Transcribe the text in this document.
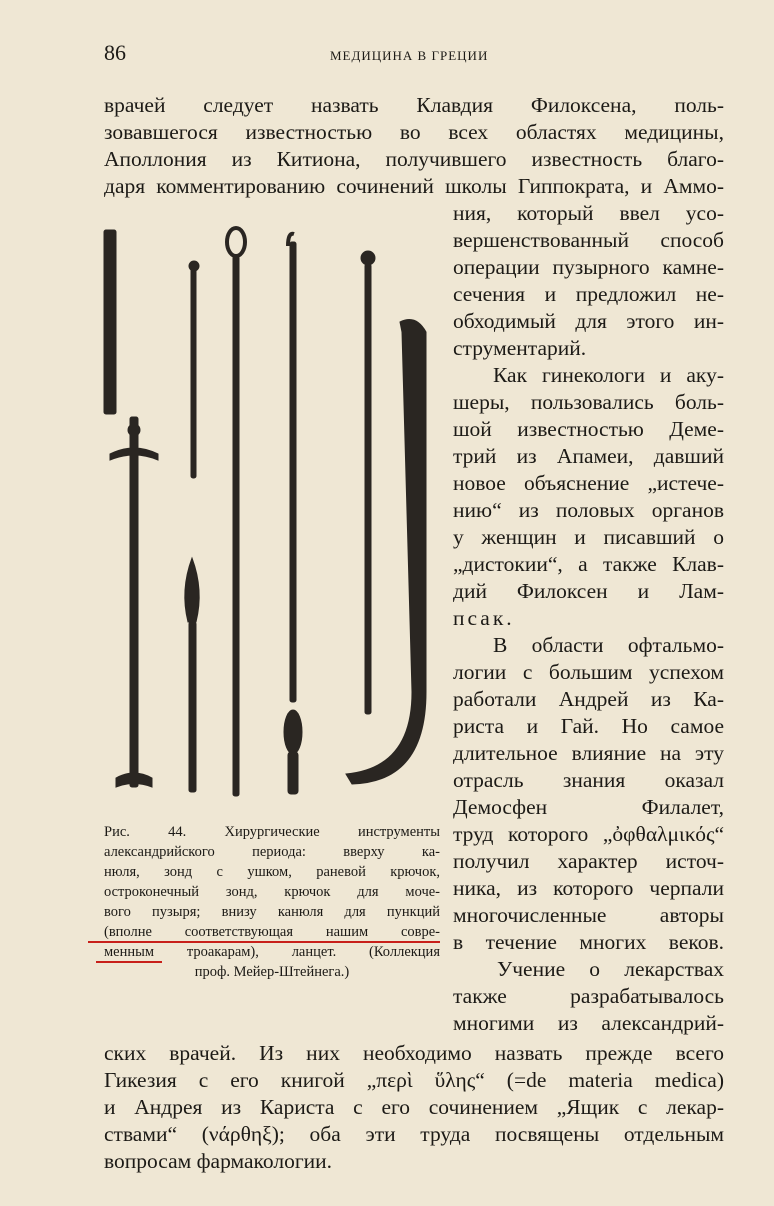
86	МЕДИЦИНА В ГРЕЦИИ
врачей следует назвать Клавдия Филоксена, поль-
зовавшегося известностью во всех областях медицины,
Аполлония из Китиона, получившего известность благо-
даря комментированию сочинений школы Гиппократа, и Аммо-
ния, который ввел усо-
вершенствованный способ
операции пузырного камне-
сечения и предложил не-
обходимый для этого ин-
струментарий.
Как гинекологи и аку-
шеры, пользовались боль-
шой известностью Деме-
трий из Апамеи, давший
новое объяснение „истече-
нию“ из половых органов
у женщин и писавший о
„дистокии“, а также Клав-
дий Филоксен и Лам-
псак.
В области офтальмо-
логии с большим успехом
работали Андрей из Ка-
риста и Гай. Но самое
длительное влияние на эту
отрасль знания оказал
Демосфен Филалет,
труд которого „ὀφθαλμικός“
получил характер источ-
ника, из которого черпали
многочисленные авторы
в течение многих веков.
Учение о лекарствах
также разрабатывалось
многими из александрий-
ских врачей. Из них необходимо назвать прежде всего
Гикезия с его книгой „περὶ ὕλης“ (=de materia medica)
и Андрея из Кариста с его сочинением „Ящик с лекар-
ствами“ (νάρθηξ); оба эти труда посвящены отдельным
вопросам фармакологии.
Рис. 44. Хирургические инструменты
александрийского периода: вверху ка-
нюля, зонд с ушком, раневой крючок,
остроконечный зонд, крючок для моче-
вого пузыря; внизу канюля для пункций
(вполне соответствующая нашим совре-
менным троакарам), ланцет. (Коллекция
проф. Мейер-Штейнега.)
